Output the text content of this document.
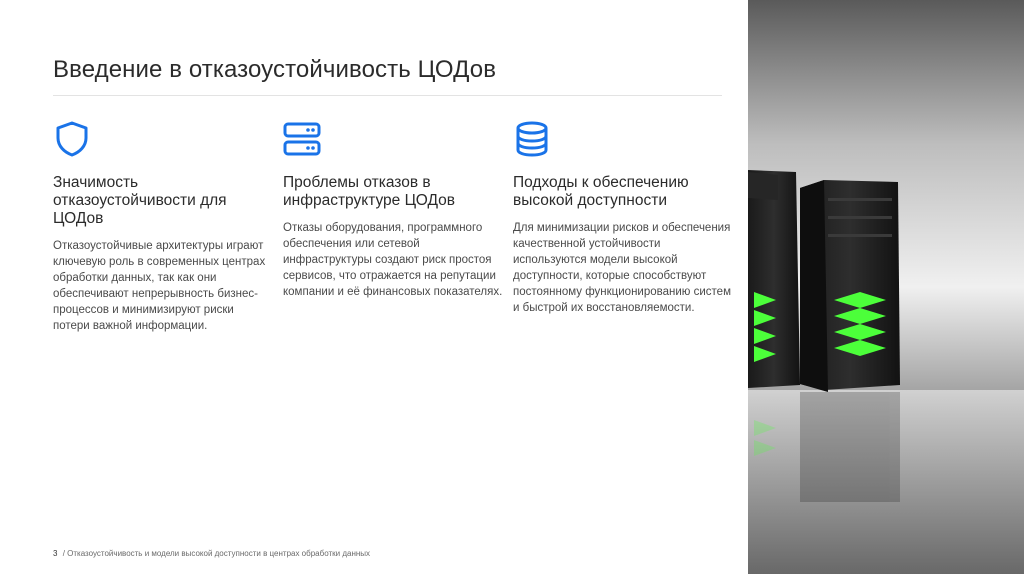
Введение в отказоустойчивость ЦОДов
Значимость отказоустойчивости для ЦОДов
Отказоустойчивые архитектуры играют ключевую роль в современных центрах обработки данных, так как они обеспечивают непрерывность бизнес-процессов и минимизируют риски потери важной информации.
Проблемы отказов в инфраструктуре ЦОДов
Отказы оборудования, программного обеспечения или сетевой инфраструктуры создают риск простоя сервисов, что отражается на репутации компании и её финансовых показателях.
Подходы к обеспечению высокой доступности
Для минимизации рисков и обеспечения качественной устойчивости используются модели высокой доступности, которые способствуют постоянному функционированию систем и быстрой их восстановляемости.
3 / Отказоустойчивость и модели высокой доступности в центрах обработки данных
